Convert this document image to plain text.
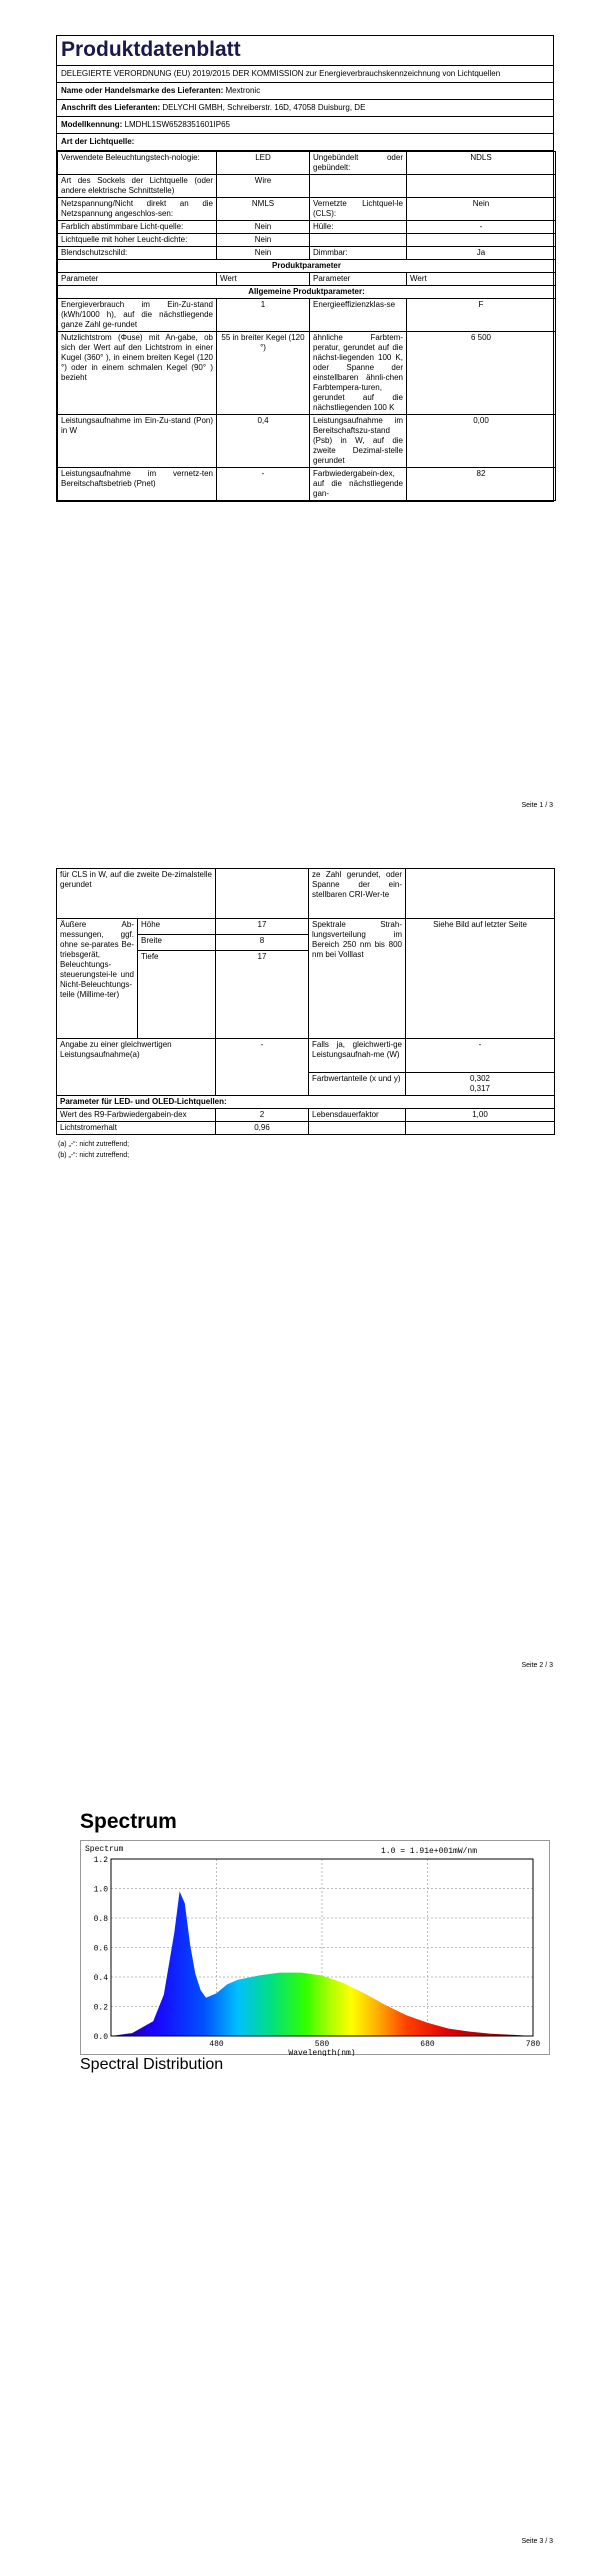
Produktdatenblatt
DELEGIERTE VERORDNUNG (EU) 2019/2015 DER KOMMISSION zur Energieverbrauchskennzeichnung von Lichtquellen
Name oder Handelsmarke des Lieferanten: Mextronic
Anschrift des Lieferanten: DELYCHI GMBH, Schreiberstr. 16D, 47058 Duisburg, DE
Modellkennung: LMDHL1SW6528351601IP65
Art der Lichtquelle:
Verwendete Beleuchtungstech-nologie:	LED	Ungebündelt oder gebündelt:	NDLS
Art des Sockels der Lichtquelle (oder andere elektrische Schnittstelle)	Wire		
Netzspannung/Nicht direkt an die Netzspannung angeschlos-sen:	NMLS	Vernetzte Lichtquel-le (CLS):	Nein
Farblich abstimmbare Licht-quelle:	Nein	Hülle:	-
Lichtquelle mit hoher Leucht-dichte:	Nein		
Blendschutzschild:	Nein	Dimmbar:	Ja
Produktparameter			
Parameter	Wert	Parameter	Wert
Allgemeine Produktparameter:			
Energieverbrauch im Ein-Zu-stand (kWh/1000 h), auf die nächstliegende ganze Zahl ge-rundet	1	Energieeffizienzklas-se	F
Nutzlichtstrom (Φuse) mit An-gabe, ob sich der Wert auf den Lichtstrom in einer Kugel (360° ), in einem breiten Kegel (120 °) oder in einem schmalen Kegel (90° ) bezieht	55 in breiter Kegel (120 °)	ähnliche Farbtem-peratur, gerundet auf die nächst-liegenden 100 K, oder Spanne der einstellbaren ähnli-chen Farbtempera-turen, gerundet auf die nächstliegenden 100 K	6 500
Leistungsaufnahme im Ein-Zu-stand (Pon) in W	0,4	Leistungsaufnahme im Bereitschaftszu-stand (Psb) in W, auf die zweite Dezimal-stelle gerundet	0,00
Leistungsaufnahme im vernetz-ten Bereitschaftsbetrieb (Pnet)	-	Farbwiedergabein-dex, auf die nächstliegende gan-	82
Seite 1 / 3
für CLS in W, auf die zweite De-zimalstelle gerundet			ze Zahl gerundet, oder Spanne der ein-stellbaren CRI-Wer-te	
Äußere Ab-messungen, ggf. ohne se-parates Be-triebsgerät, Beleuchtungs-steuerungstei-le und Nicht-Beleuchtungs-teile (Millime-ter)	Höhe	17	Spektrale Strah-lungsverteilung im Bereich 250 nm bis 800 nm bei Volllast	Siehe Bild auf letzter Seite
	Breite	8		
	Tiefe	17		
Angabe zu einer gleichwertigen Leistungsaufnahme(a)		-	Falls ja, gleichwerti-ge Leistungsaufnah-me (W)	-
			Farbwertanteile (x und y)	0,302
0,317

Parameter für LED- und OLED-Lichtquellen:				
Wert des R9-Farbwiedergabein-dex		2	Lebensdauerfaktor	1,00
Lichtstromerhalt		0,96		
(a) „-“: nicht zutreffend;
(b) „-“: nicht zutreffend;
Seite 2 / 3
Spectrum
Spectrum	1.0 = 1.91e+001mW/nm
0.0
0.2
0.4
0.6
0.8
1.0
1.2
480	580	680	780
Wavelength(nm)
Spectral Distribution
Seite 3 / 3
